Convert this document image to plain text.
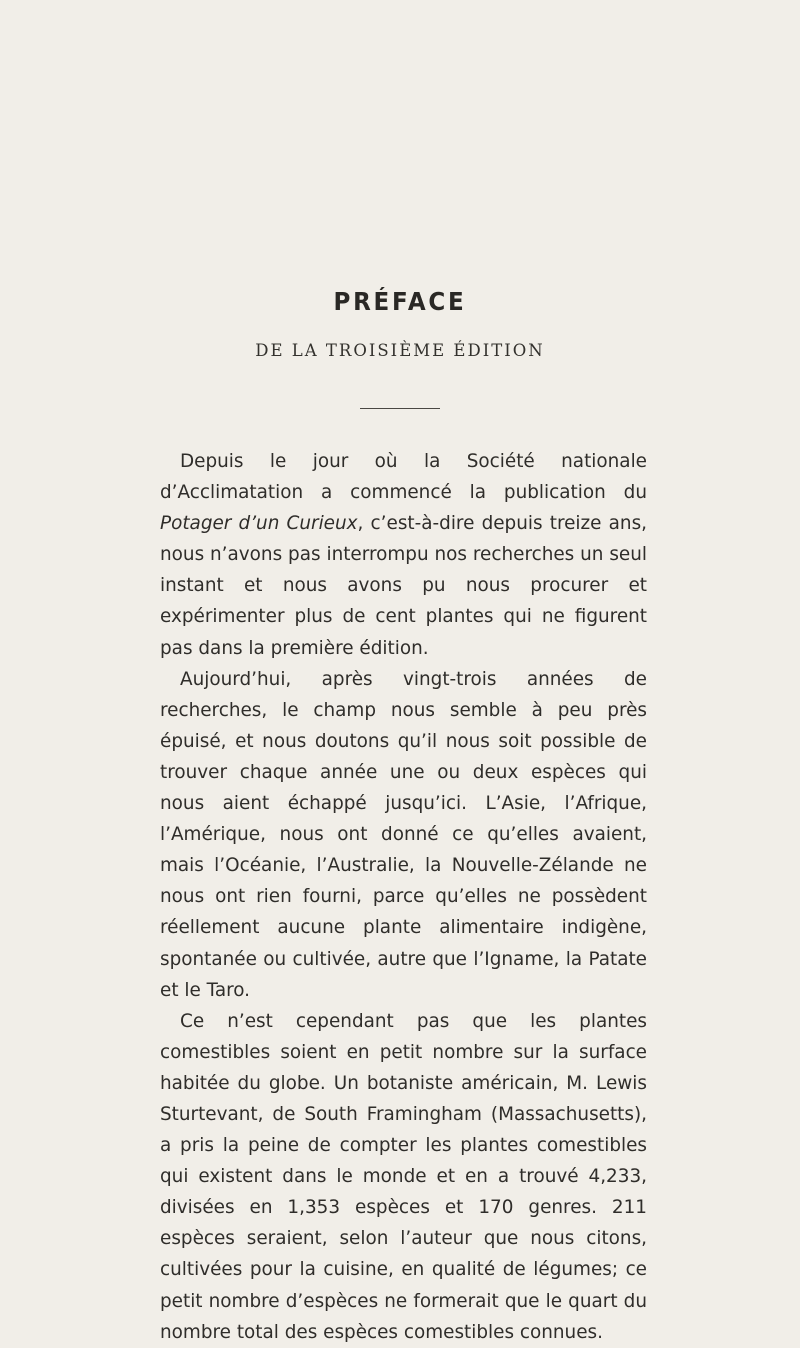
PRÉFACE
DE LA TROISIÈME ÉDITION

Depuis le jour où la Société nationale d’Acclimatation a commencé la publication du Potager d’un Curieux, c’est-à-dire depuis treize ans, nous n’avons pas interrompu nos recherches un seul instant et nous avons pu nous procurer et expérimenter plus de cent plantes qui ne figurent pas dans la première édition.

Aujourd’hui, après vingt-trois années de recherches, le champ nous semble à peu près épuisé, et nous doutons qu’il nous soit possible de trouver chaque année une ou deux espèces qui nous aient échappé jusqu’ici. L’Asie, l’Afrique, l’Amérique, nous ont donné ce qu’elles avaient, mais l’Océanie, l’Australie, la Nouvelle-Zélande ne nous ont rien fourni, parce qu’elles ne possèdent réellement aucune plante alimentaire indigène, spontanée ou cultivée, autre que l’Igname, la Patate et le Taro.

Ce n’est cependant pas que les plantes comestibles soient en petit nombre sur la surface habitée du globe. Un botaniste américain, M. Lewis Sturtevant, de South Framingham (Massachusetts), a pris la peine de compter les plantes comestibles qui existent dans le monde et en a trouvé 4,233, divisées en 1,353 espèces et 170 genres. 211 espèces seraient, selon l’auteur que nous citons, cultivées pour la cuisine, en qualité de légumes; ce petit nombre d’espèces ne formerait que le quart du nombre total des espèces comestibles connues.
